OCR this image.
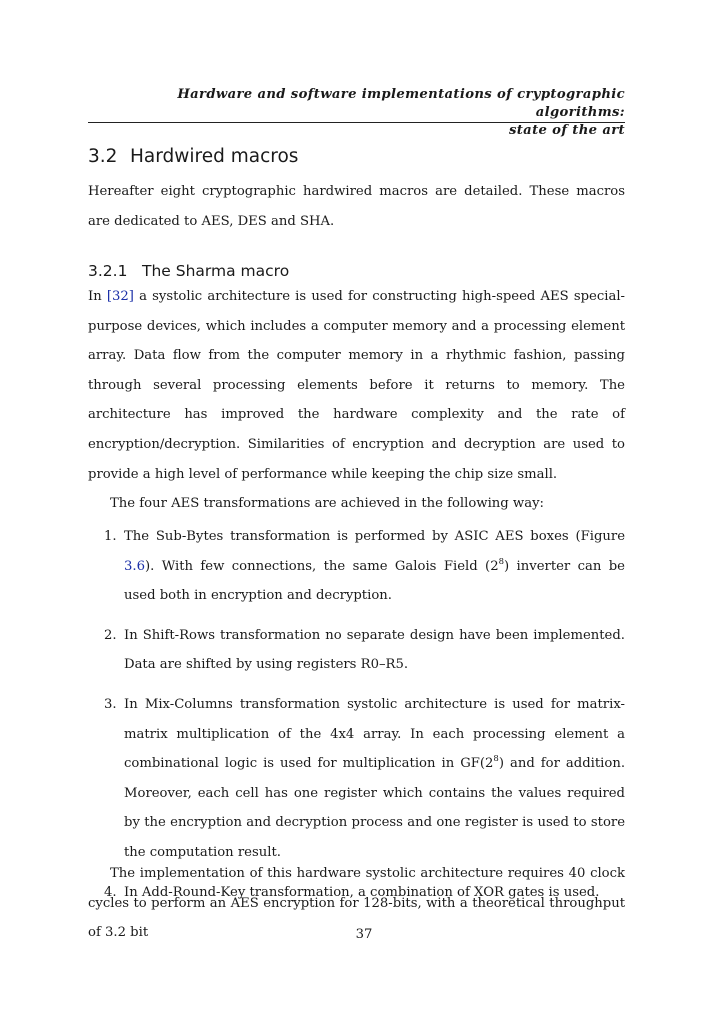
Hardware and software implementations of cryptographic algorithms:
state of the art
3.2 Hardwired macros

Hereafter eight cryptographic hardwired macros are detailed. These macros are dedicated to AES, DES and SHA.

3.2.1 The Sharma macro

In [32] a systolic architecture is used for constructing high-speed AES special-purpose devices, which includes a computer memory and a processing element array. Data flow from the computer memory in a rhythmic fashion, passing through several processing elements before it returns to memory. The architecture has improved the hardware complexity and the rate of encryption/decryption. Similarities of encryption and decryption are used to provide a high level of performance while keeping the chip size small.

The four AES transformations are achieved in the following way:

1. The Sub-Bytes transformation is performed by ASIC AES boxes (Figure 3.6). With few connections, the same Galois Field $(2^8)$ inverter can be used both in encryption and decryption.
2. In Shift-Rows transformation no separate design have been implemented. Data are shifted by using registers R0–R5.
3. In Mix-Columns transformation systolic architecture is used for matrix-matrix multiplication of the 4x4 array. In each processing element a combinational logic is used for multiplication in $GF(2^8)$ and for addition. Moreover, each cell has one register which contains the values required by the encryption and decryption process and one register is used to store the computation result.
4. In Add-Round-Key transformation, a combination of XOR gates is used.

The implementation of this hardware systolic architecture requires 40 clock cycles to perform an AES encryption for 128-bits, with a theoretical throughput of 3.2 bit	37
